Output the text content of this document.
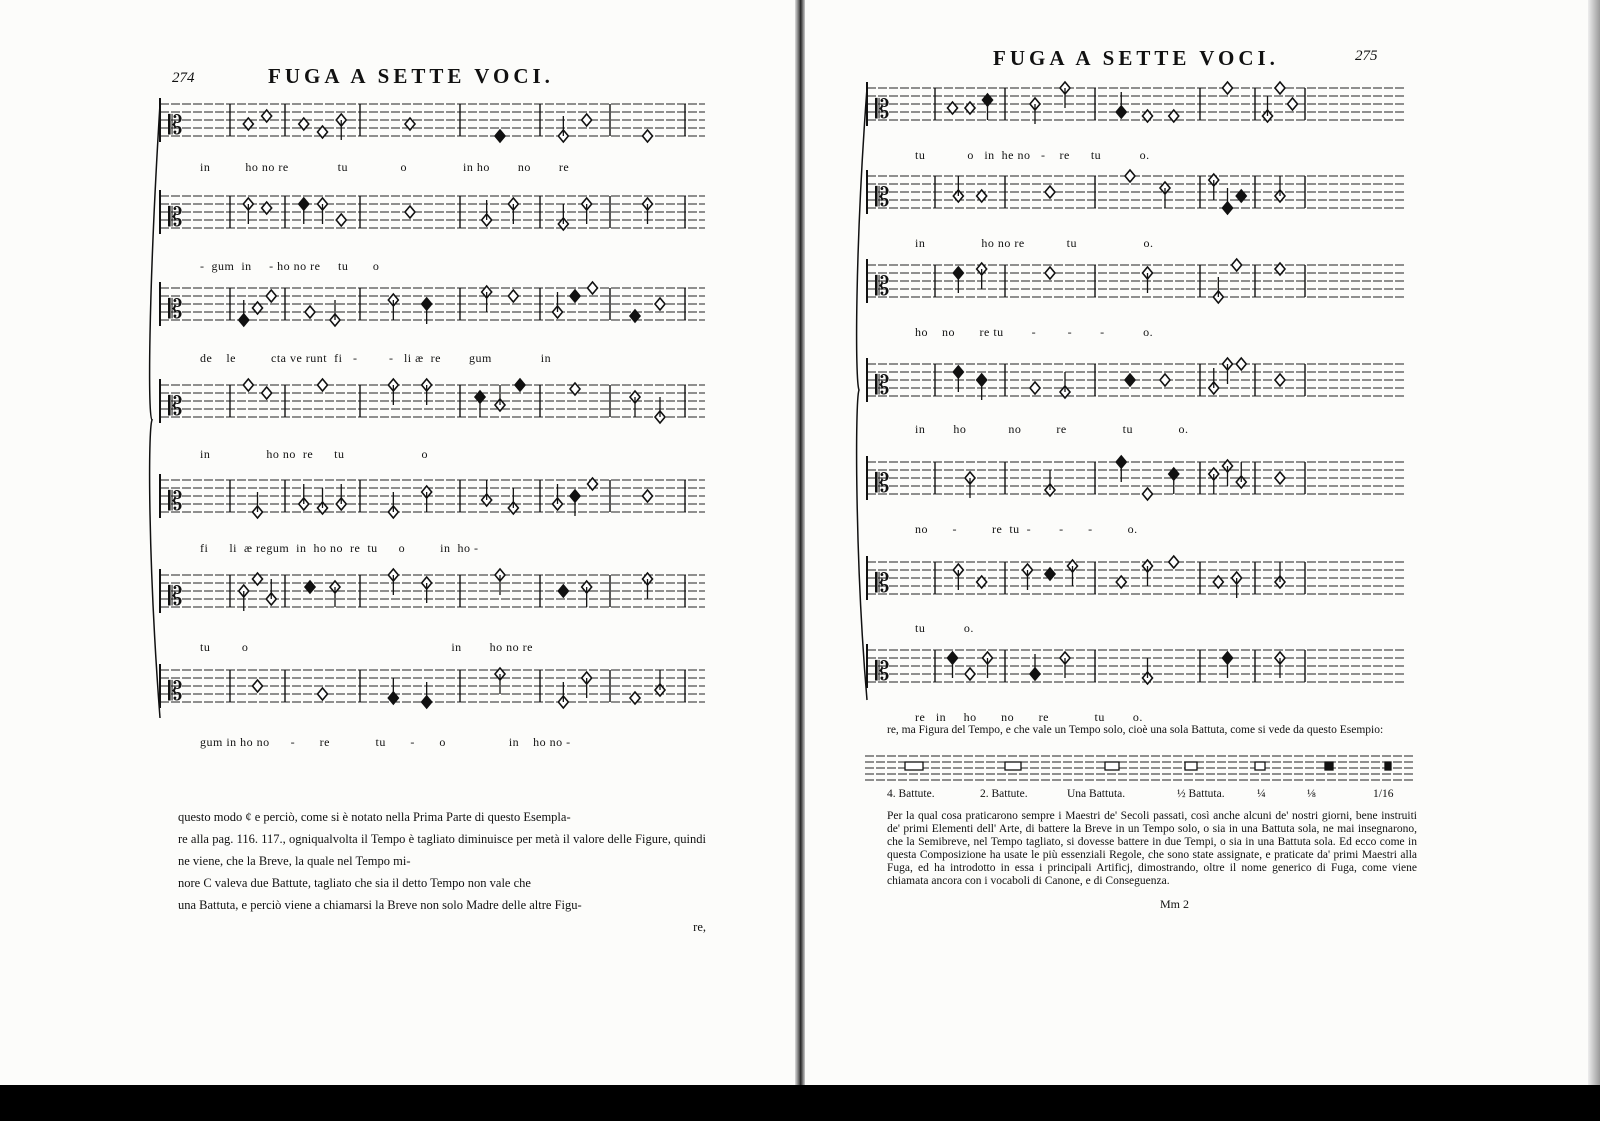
274	FUGA A SETTE VOCI.
𝄡
𝄡
𝄡
𝄡
𝄡
𝄡
𝄡
in          ho no re              tu               o                in ho        no        re
-  gum  in     - ho no re     tu       o
de    le          cta ve runt  fi   -         -   li æ  re        gum              in
in                ho no  re      tu                      o
fi      li  æ regum  in  ho no  re  tu      o          in  ho -
tu         o                                                          in        ho no re
gum in ho no      -       re             tu       -       o                  in    ho no -

questo modo ¢ e perciò, come si è notato nella Prima Parte di questo Esempla-

re alla pag. 116. 117., ogniqualvolta il Tempo è tagliato diminuisce per metà il valore delle Figure, quindi ne viene, che la Breve, la quale nel Tempo mi-

nore C valeva due Battute, tagliato che sia il detto Tempo non vale che

una Battuta, e perciò viene a chiamarsi la Breve non solo Madre delle altre Figu-

re,

FUGA A SETTE VOCI.	275
𝄡
𝄡
𝄡
𝄡
𝄡
𝄡
𝄡
tu            o   in  he no   -    re      tu           o.
in                ho no re            tu                   o.
ho    no       re tu        -         -        -           o.
in        ho            no          re                tu             o.
no       -          re  tu  -        -       -          o.
tu           o.
re   in     ho       no       re             tu        o.
re, ma Figura del Tempo, e che vale un Tempo solo, cioè una sola Battuta, come si vede da questo Esempio:
4. Battute.	2. Battute.	Una Battuta.	½ Battuta.	¼	⅛	1/16
Per la qual cosa praticarono sempre i Maestri de' Secoli passati, così anche alcuni de' nostri giorni, bene instruiti de' primi Elementi dell' Arte, di battere la Breve in un Tempo solo, o sia in una Battuta sola, ne mai insegnarono, che la Semibreve, nel Tempo tagliato, si dovesse battere in due Tempi, o sia in una Battuta sola. Ed ecco come in questa Composizione ha usate le più essenziali Regole, che sono state assignate, e praticate da' primi Maestri alla Fuga, ed ha introdotto in essa i principali Artificj, dimostrando, oltre il nome generico di Fuga, come viene chiamata ancora con i vocaboli di Canone, e di Conseguenza.
Mm 2
